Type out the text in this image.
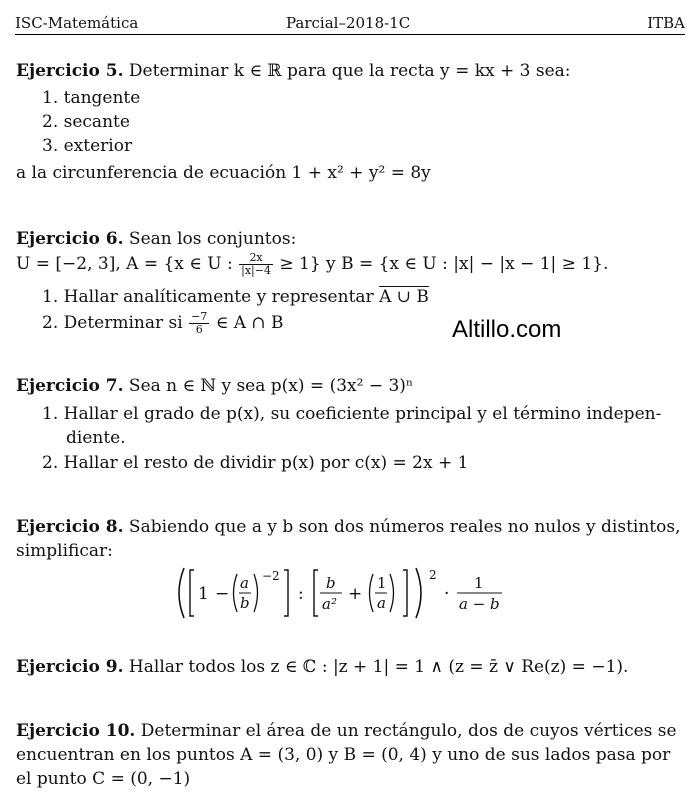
ISC-Matemática	Parcial–2018-1C	ITBA
Ejercicio 5. Determinar k ∈ ℝ para que la recta y = kx + 3 sea:
1. tangente
2. secante
3. exterior
a la circunferencia de ecuación 1 + x² + y² = 8y
Ejercicio 6. Sean los conjuntos:
U = [−2, 3], A = {x ∈ U : $\frac{2x}{|x|-4} \ge 1$} y B = {x ∈ U : |x| − |x − 1| ≥ 1}.
1. Hallar analíticamente y representar A ∪ B
2. Determinar si $\frac{-7}{6}$ ∈ A ∩ B	Altillo.com
Ejercicio 7. Sea n ∈ ℕ y sea p(x) = (3x² − 3)ⁿ
1. Hallar el grado de p(x), su coeficiente principal y el término indepen-
diente.
2. Hallar el resto de dividir p(x) por c(x) = 2x + 1
Ejercicio 8. Sabiendo que a y b son dos números reales no nulos y distintos,
simplificar:
1 −
a
b
−2
:
b
a² +
1
a
2
·
1
a − b
Ejercicio 9. Hallar todos los z ∈ ℂ : |z + 1| = 1 ∧ (z = z̄ ∨ Re(z) = −1).
Ejercicio 10. Determinar el área de un rectángulo, dos de cuyos vértices se
encuentran en los puntos A = (3, 0) y B = (0, 4) y uno de sus lados pasa por
el punto C = (0, −1)
